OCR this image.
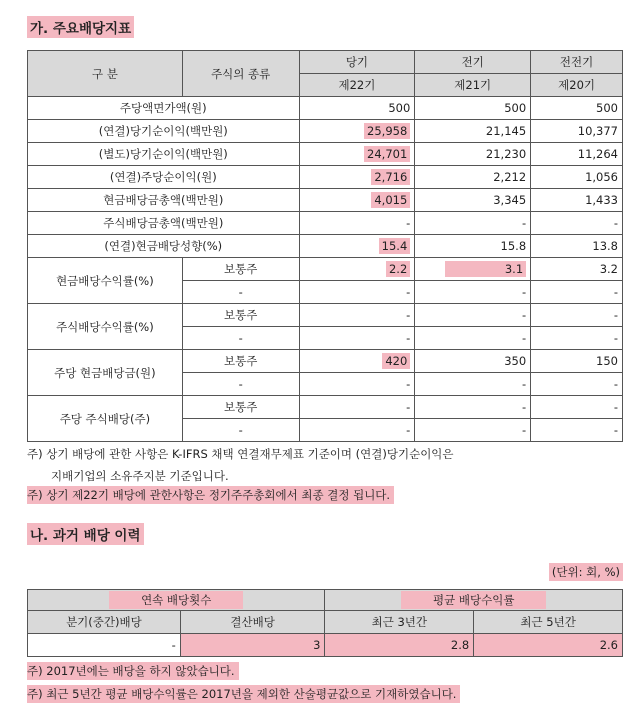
가. 주요배당지표
구 분	주식의 종류	당기	전기	전전기
		제22기	제21기	제20기
주당액면가액(원)		500	500	500
(연결)당기순이익(백만원)		25,958	21,145	10,377
(별도)당기순이익(백만원)		24,701	21,230	11,264
(연결)주당순이익(원)		2,716	2,212	1,056
현금배당금총액(백만원)		4,015	3,345	1,433
주식배당금총액(백만원)		-	-	-
(연결)현금배당성향(%)		15.4	15.8	13.8
현금배당수익률(%)	보통주	2.2	3.1	3.2
	-	-	-	-
주식배당수익률(%)	보통주	-	-	-
	-	-	-	-
주당 현금배당금(원)	보통주	420	350	150
	-	-	-	-
주당 주식배당(주)	보통주	-	-	-
	-	-	-	-
주) 상기 배당에 관한 사항은 K-IFRS 채택 연결재무제표 기준이며 (연결)당기순이익은
지배기업의 소유주지분 기준입니다.
주) 상기 제22기 배당에 관한사항은 정기주주총회에서 최종 결정 됩니다.
나. 과거 배당 이력
(단위: 회, %)
연속 배당횟수		평균 배당수익률	
분기(중간)배당	결산배당	최근 3년간	최근 5년간
-	3	2.8	2.6
주) 2017년에는 배당을 하지 않았습니다.
주) 최근 5년간 평균 배당수익률은 2017년을 제외한 산술평균값으로 기재하였습니다.
